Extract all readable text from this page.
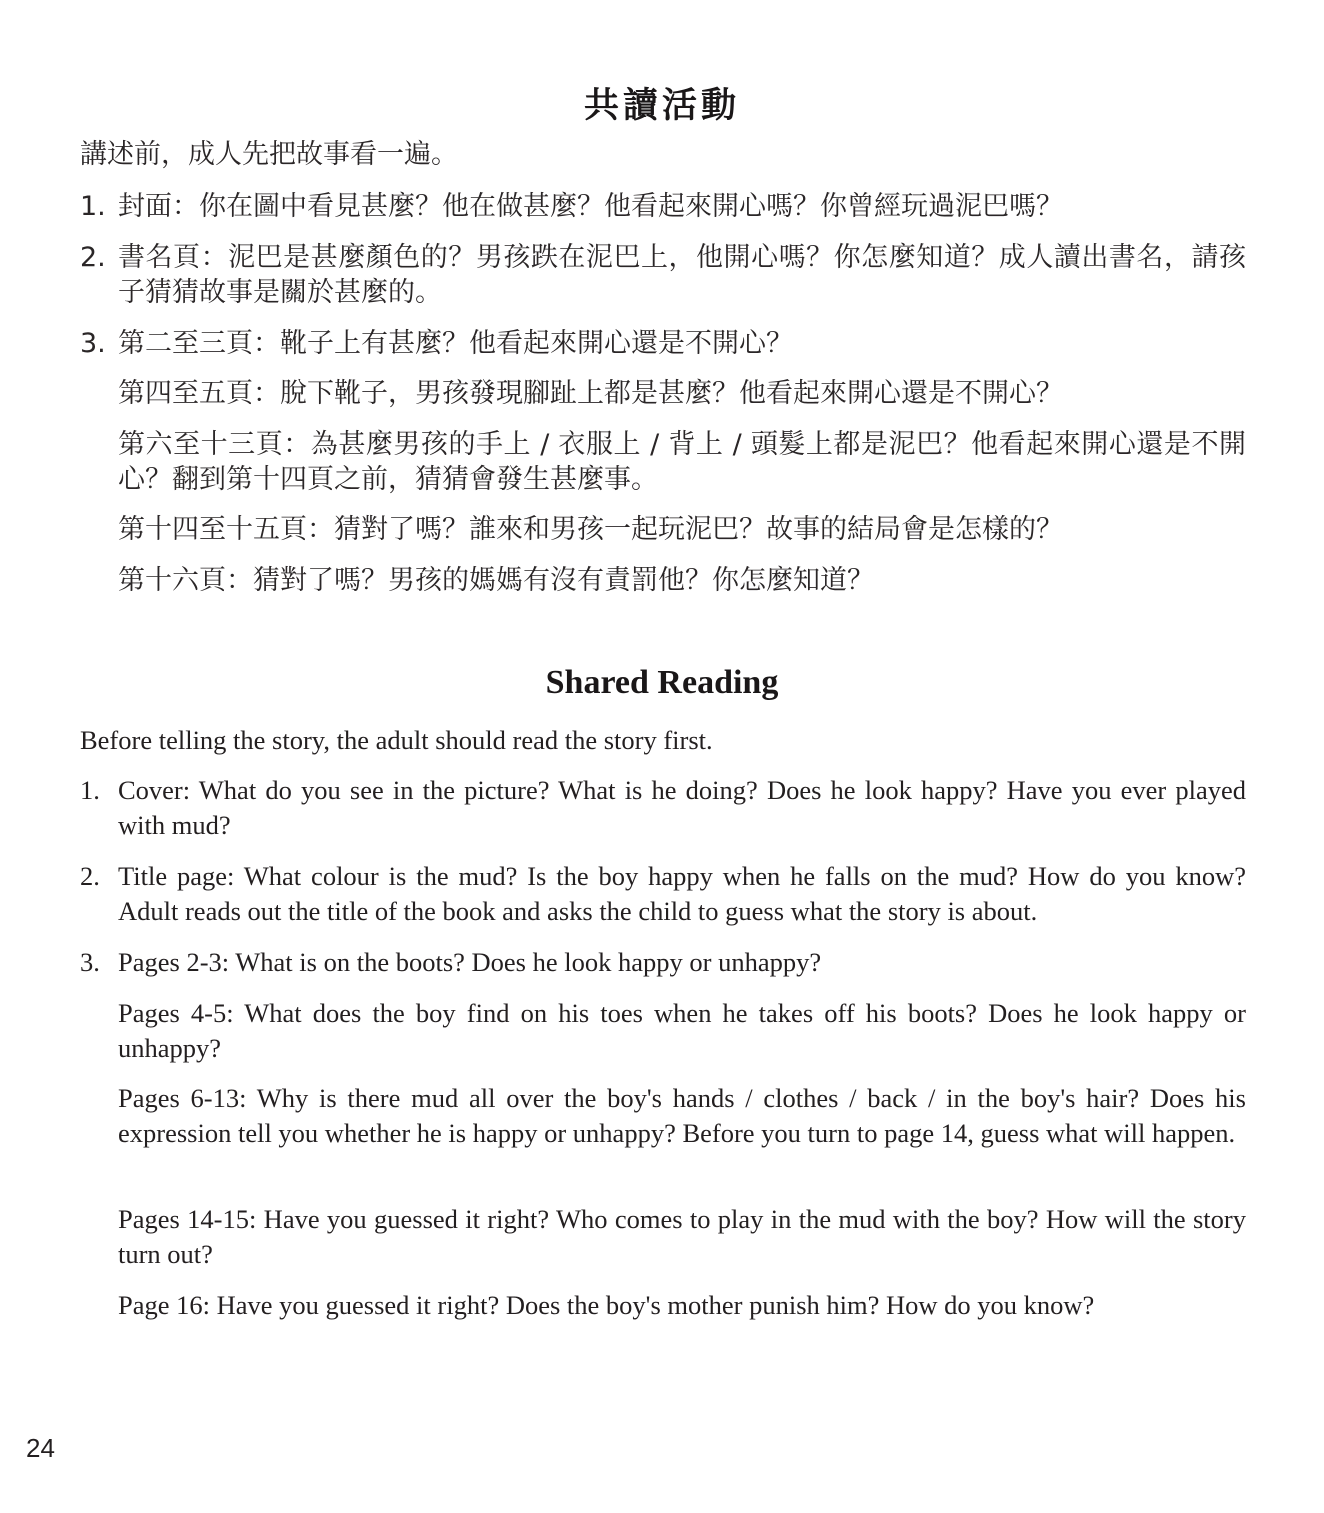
共讀活動

講述前，成人先把故事看一遍。

1. 封面：你在圖中看見甚麼？他在做甚麼？他看起來開心嗎？你曾經玩過泥巴嗎？
2. 書名頁：泥巴是甚麼顏色的？男孩跌在泥巴上，他開心嗎？你怎麼知道？成人讀出書名，請孩子猜猜故事是關於甚麼的。
3. 第二至三頁：靴子上有甚麼？他看起來開心還是不開心？

第四至五頁：脫下靴子，男孩發現腳趾上都是甚麼？他看起來開心還是不開心？

第六至十三頁：為甚麼男孩的手上 / 衣服上 / 背上 / 頭髮上都是泥巴？他看起來開心還是不開心？翻到第十四頁之前，猜猜會發生甚麼事。

第十四至十五頁：猜對了嗎？誰來和男孩一起玩泥巴？故事的結局會是怎樣的？

第十六頁：猜對了嗎？男孩的媽媽有沒有責罰他？你怎麼知道？

Shared Reading

Before telling the story, the adult should read the story first.

1. Cover: What do you see in the picture? What is he doing? Does he look happy? Have you ever played with mud?
2. Title page: What colour is the mud? Is the boy happy when he falls on the mud? How do you know? Adult reads out the title of the book and asks the child to guess what the story is about.
3. Pages 2-3: What is on the boots? Does he look happy or unhappy?

Pages 4-5: What does the boy find on his toes when he takes off his boots? Does he look happy or unhappy?

Pages 6-13: Why is there mud all over the boy's hands / clothes / back / in the boy's hair? Does his expression tell you whether he is happy or unhappy? Before you turn to page 14, guess what will happen.

Pages 14-15: Have you guessed it right? Who comes to play in the mud with the boy? How will the story turn out?

Page 16: Have you guessed it right? Does the boy's mother punish him? How do you know?

24
